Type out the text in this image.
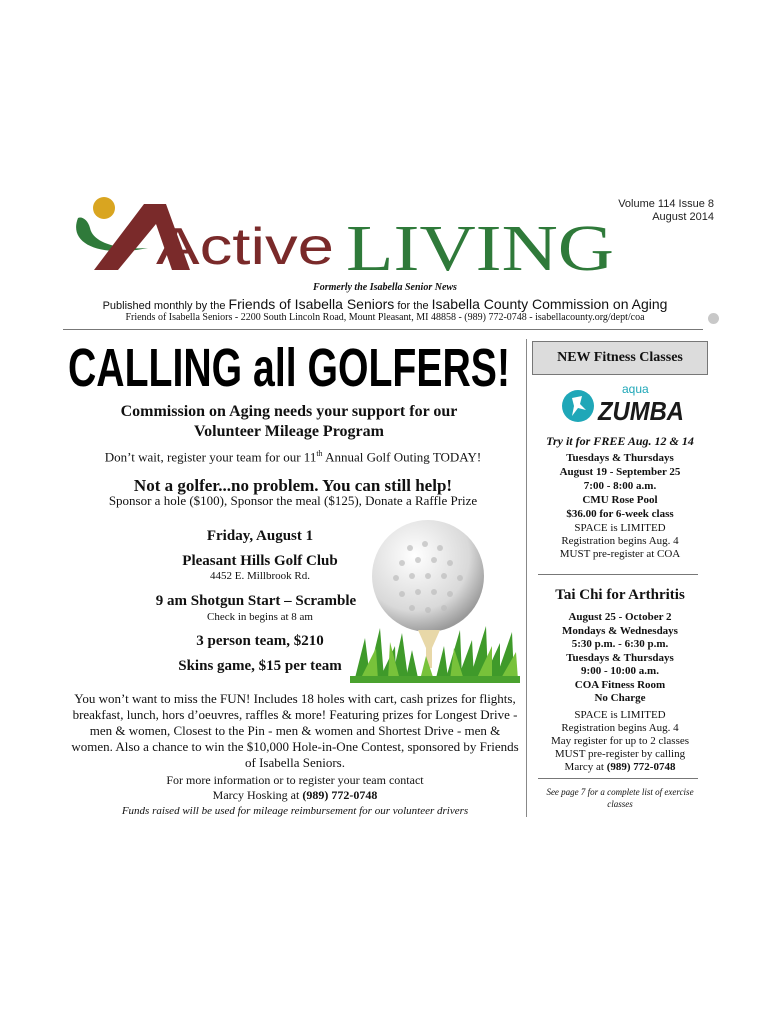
Active LIVING
Volume 114 Issue 8
August 2014
Formerly the Isabella Senior News
Published monthly by the Friends of Isabella Seniors for the Isabella County Commission on Aging
Friends of Isabella Seniors - 2200 South Lincoln Road, Mount Pleasant, MI 48858 - (989) 772-0748 - isabellacounty.org/dept/coa
CALLING all GOLFERS!
Commission on Aging needs your support for our
Volunteer Mileage Program
Don’t wait, register your team for our 11th Annual Golf Outing TODAY!
Not a golfer...no problem. You can still help!
Sponsor a hole ($100), Sponsor the meal ($125), Donate a Raffle Prize
Friday, August 1
Pleasant Hills Golf Club
4452 E. Millbrook Rd.
9 am Shotgun Start – Scramble
Check in begins at 8 am
3 person team, $210
Skins game, $15 per team
You won’t want to miss the FUN! Includes 18 holes with cart, cash prizes for flights, breakfast, lunch, hors d’oeuvres, raffles & more! Featuring prizes for Longest Drive - men & women, Closest to the Pin - men & women and Shortest Drive - men & women. Also a chance to win the $10,000 Hole-in-One Contest, sponsored by Friends of Isabella Seniors.
For more information or to register your team contact
Marcy Hosking at (989) 772-0748
Funds raised will be used for mileage reimbursement for our volunteer drivers
NEW Fitness Classes
aqua
ZUMBA
Try it for FREE Aug. 12 & 14
Tuesdays & Thursdays
August 19 - September 25
7:00 - 8:00 a.m.
CMU Rose Pool
$36.00 for 6-week class
SPACE is LIMITED
Registration begins Aug. 4
MUST pre-register at COA
Tai Chi for Arthritis
August 25 - October 2
Mondays & Wednesdays
5:30 p.m. - 6:30 p.m.
Tuesdays & Thursdays
9:00 - 10:00 a.m.
COA Fitness Room
No Charge
SPACE is LIMITED
Registration begins Aug. 4
May register for up to 2 classes
MUST pre-register by calling
Marcy at (989) 772-0748
See page 7 for a complete list of exercise classes
